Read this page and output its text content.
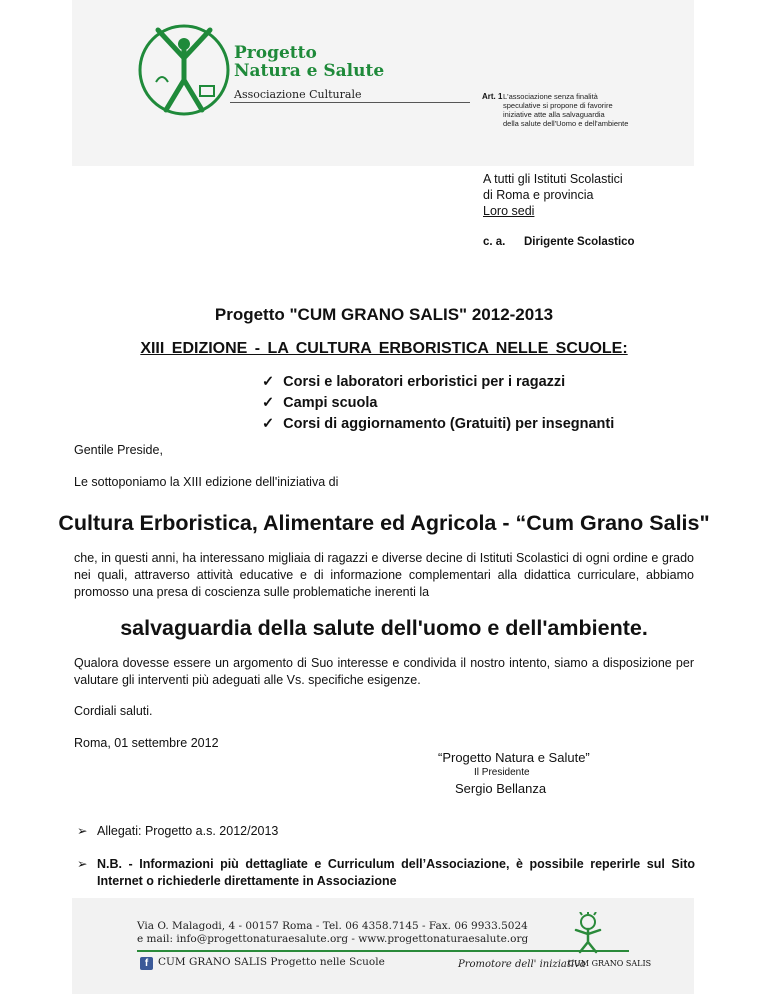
Progetto
Natura e Salute
Associazione Culturale	Art. 1 L'associazione senza finalità
speculative si propone di favorire
iniziative atte alla salvaguardia
della salute dell'Uomo e dell'ambiente
A tutti gli Istituti Scolastici
di Roma e provincia
Loro sedi
c. a. Dirigente Scolastico
Progetto "CUM GRANO SALIS" 2012-2013
XIII EDIZIONE - LA CULTURA ERBORISTICA NELLE SCUOLE:
✓ Corsi e laboratori erboristici per i ragazzi
✓ Campi scuola
✓ Corsi di aggiornamento (Gratuiti) per insegnanti
Gentile Preside,
Le sottoponiamo la XIII edizione dell'iniziativa di
Cultura Erboristica, Alimentare ed Agricola - “Cum Grano Salis"
che, in questi anni, ha interessano migliaia di ragazzi e diverse decine di Istituti Scolastici di ogni ordine e grado nei quali, attraverso attività educative e di informazione complementari alla didattica curriculare, abbiamo promosso una presa di coscienza sulle problematiche inerenti la
salvaguardia della salute dell'uomo e dell'ambiente.
Qualora dovesse essere un argomento di Suo interesse e condivida il nostro intento, siamo a disposizione per valutare gli interventi più adeguati alle Vs. specifiche esigenze.
Cordiali saluti.
Roma, 01 settembre 2012
“Progetto Natura e Salute”
Il Presidente
Sergio Bellanza
➢ Allegati: Progetto a.s. 2012/2013
➢ N.B. - Informazioni più dettagliate e Curriculum dell’Associazione, è possibile reperirle sul Sito Internet o richiederle direttamente in Associazione
Via O. Malagodi, 4 - 00157 Roma - Tel. 06 4358.7145 - Fax. 06 9933.5024
e mail: info@progettonaturaesalute.org - www.progettonaturaesalute.org
f CUM GRANO SALIS Progetto nelle Scuole	Promotore dell' iniziativa
CUM GRANO SALIS
